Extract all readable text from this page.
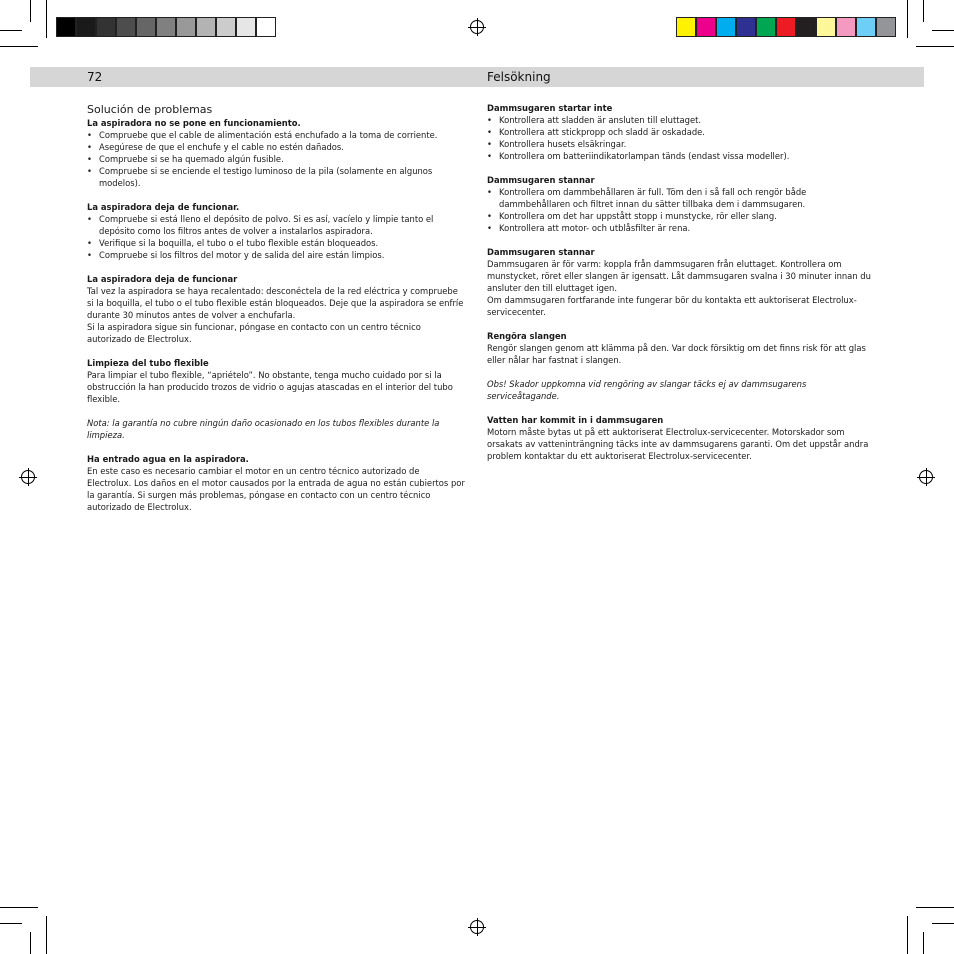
72	Felsökning
Solución de problemas
La aspiradora no se pone en funcionamiento.
• Compruebe que el cable de alimentación está enchufado a la toma de corriente.
• Asegúrese de que el enchufe y el cable no estén dañados.
• Compruebe si se ha quemado algún fusible.
• Compruebe si se enciende el testigo luminoso de la pila (solamente en algunos modelos).
La aspiradora deja de funcionar.
• Compruebe si está lleno el depósito de polvo. Si es así, vacíelo y limpie tanto el depósito como los filtros antes de volver a instalarlos aspiradora.
• Verifique si la boquilla, el tubo o el tubo flexible están bloqueados.
• Compruebe si los filtros del motor y de salida del aire están limpios.
La aspiradora deja de funcionar

Tal vez la aspiradora se haya recalentado: desconéctela de la red eléctrica y compruebe si la boquilla, el tubo o el tubo flexible están bloqueados. Deje que la aspiradora se enfríe durante 30 minutos antes de volver a enchufarla.

Si la aspiradora sigue sin funcionar, póngase en contacto con un centro técnico autorizado de Electrolux.

Limpieza del tubo flexible

Para limpiar el tubo flexible, “apriételo”. No obstante, tenga mucho cuidado por si la obstrucción la han producido trozos de vidrio o agujas atascadas en el interior del tubo flexible.

Nota: la garantía no cubre ningún daño ocasionado en los tubos flexibles durante la limpieza.

Ha entrado agua en la aspiradora.

En este caso es necesario cambiar el motor en un centro técnico autorizado de Electrolux. Los daños en el motor causados por la entrada de agua no están cubiertos por la garantía. Si surgen más problemas, póngase en contacto con un centro técnico autorizado de Electrolux.

Dammsugaren startar inte
• Kontrollera att sladden är ansluten till eluttaget.
• Kontrollera att stickpropp och sladd är oskadade.
• Kontrollera husets elsäkringar.
• Kontrollera om batteriindikatorlampan tänds (endast vissa modeller).
Dammsugaren stannar
• Kontrollera om dammbehållaren är full. Töm den i så fall och rengör både dammbehållaren och filtret innan du sätter tillbaka dem i dammsugaren.
• Kontrollera om det har uppstått stopp i munstycke, rör eller slang.
• Kontrollera att motor- och utblåsfilter är rena.
Dammsugaren stannar

Dammsugaren är för varm: koppla från dammsugaren från eluttaget. Kontrollera om munstycket, röret eller slangen är igensatt. Låt dammsugaren svalna i 30 minuter innan du ansluter den till eluttaget igen.

Om dammsugaren fortfarande inte fungerar bör du kontakta ett auktoriserat Electrolux-servicecenter.

Rengöra slangen

Rengör slangen genom att klämma på den. Var dock försiktig om det finns risk för att glas eller nålar har fastnat i slangen.

Obs! Skador uppkomna vid rengöring av slangar täcks ej av dammsugarens serviceåtagande.

Vatten har kommit in i dammsugaren

Motorn måste bytas ut på ett auktoriserat Electrolux-servicecenter. Motorskador som orsakats av vatteninträngning täcks inte av dammsugarens garanti. Om det uppstår andra problem kontaktar du ett auktoriserat Electrolux-servicecenter.
